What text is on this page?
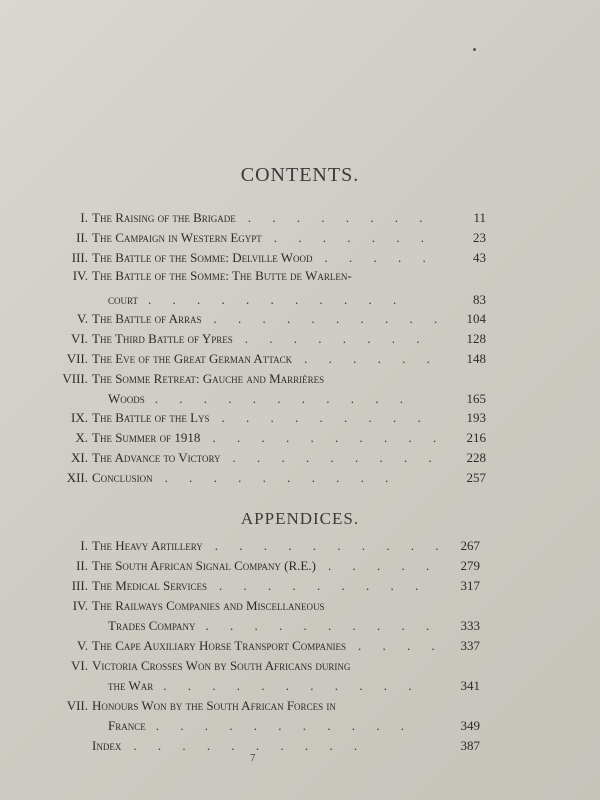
CONTENTS.
I. The Raising of the Brigade . . . . . . . .	11
II. The Campaign in Western Egypt . . . . . . .	23
III. The Battle of the Somme: Delville Wood . . . . .	43
IV. The Battle of the Somme: The Butte de Warlen-
court . . . . . . . . . . .	83
V. The Battle of Arras . . . . . . . . . .	104
VI. The Third Battle of Ypres . . . . . . . .	128
VII. The Eve of the Great German Attack . . . . . .	148
VIII. The Somme Retreat: Gauche and Marrières
Woods . . . . . . . . . . .	165
IX. The Battle of the Lys . . . . . . . . .	193
X. The Summer of 1918 . . . . . . . . . .	216
XI. The Advance to Victory . . . . . . . . .	228
XII. Conclusion . . . . . . . . . .	257
APPENDICES.
I. The Heavy Artillery . . . . . . . . . . 267
II. The South African Signal Company (R.E.) . . . . .	279
III. The Medical Services . . . . . . . . .	317
IV. The Railways Companies and Miscellaneous
Trades Company . . . . . . . . . .	333
V. The Cape Auxiliary Horse Transport Companies . . . .	337
VI. Victoria Crosses Won by South Africans during
the War . . . . . . . . . . .	341
VII. Honours Won by the South African Forces in
France . . . . . . . . . . .	349
Index . . . . . . . . . .	387
7
